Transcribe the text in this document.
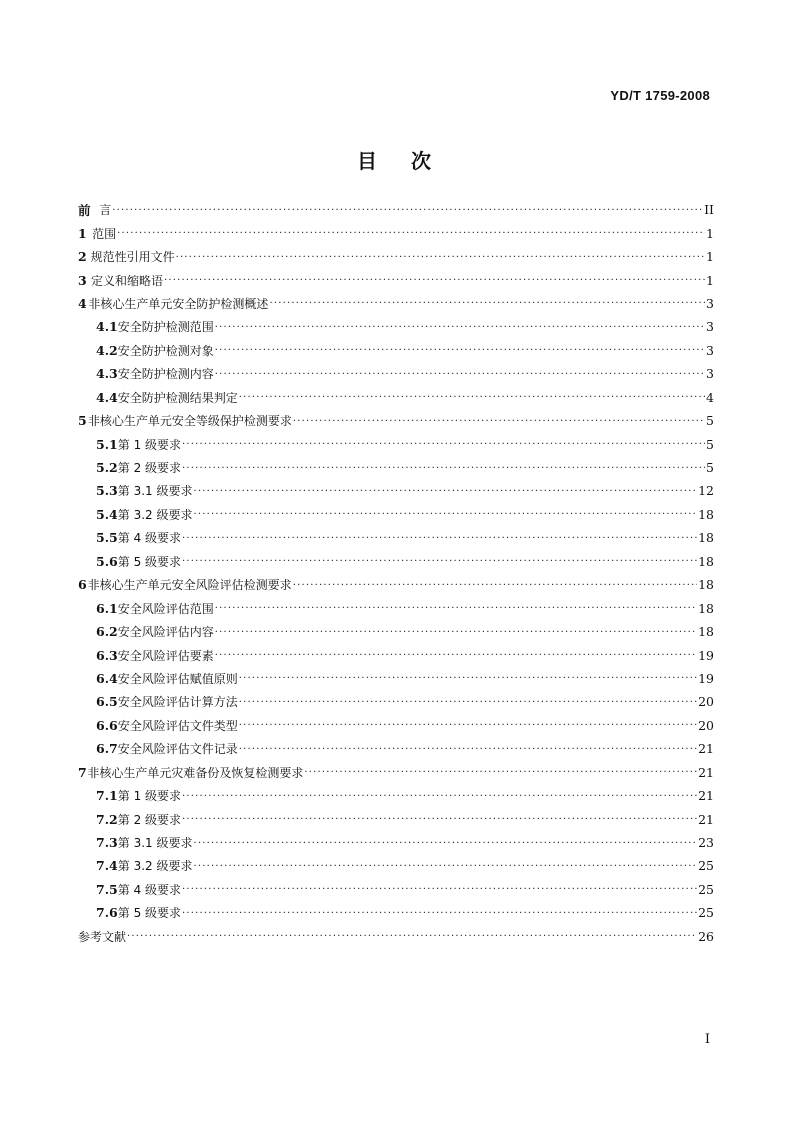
YD/T 1759-2008
目 次
前 言 ·····	II
1 范围 ·····	1
2 规范性引用文件 ·····	1
3 定义和缩略语 ·····	1
4 非核心生产单元安全防护检测概述 ·····	3
4.1 安全防护检测范围 ·····	3
4.2 安全防护检测对象 ·····	3
4.3 安全防护检测内容 ·····	3
4.4 安全防护检测结果判定 ·····	4
5 非核心生产单元安全等级保护检测要求 ·····	5
5.1 第 1 级要求 ·····	5
5.2 第 2 级要求 ·····	5
5.3 第 3.1 级要求 ·····	12
5.4 第 3.2 级要求 ·····	18
5.5 第 4 级要求 ·····	18
5.6 第 5 级要求 ·····	18
6 非核心生产单元安全风险评估检测要求 ·····	18
6.1 安全风险评估范围 ·····	18
6.2 安全风险评估内容 ·····	18
6.3 安全风险评估要素 ·····	19
6.4 安全风险评估赋值原则 ·····	19
6.5 安全风险评估计算方法 ·····	20
6.6 安全风险评估文件类型 ·····	20
6.7 安全风险评估文件记录 ·····	21
7 非核心生产单元灾难备份及恢复检测要求 ·····	21
7.1 第 1 级要求 ·····	21
7.2 第 2 级要求 ·····	21
7.3 第 3.1 级要求 ·····	23
7.4 第 3.2 级要求 ·····	25
7.5 第 4 级要求 ·····	25
7.6 第 5 级要求 ·····	25
参考文献 ·····	26
I
